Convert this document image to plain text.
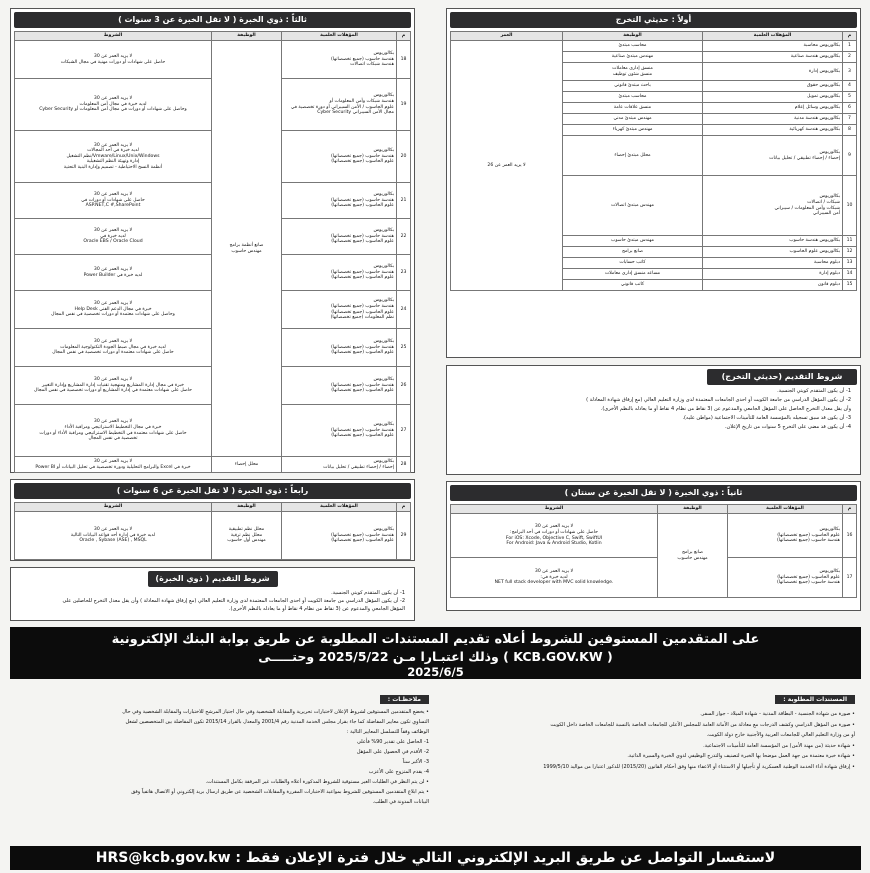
أولاً : حديثي التخرج
م	المؤهلات العلمية	الوظيفة	العمر
1	بكالوريوس محاسبة	محاسب مبتدئ	لا يزيد العمر عن 26
2	بكالوريوس هندسة صناعية	مهندس مبتدئ صناعية	
3	بكالوريوس إدارة	منسق إداري معاملات
منسق شئون توظيف	
4	بكالوريوس حقوق	باحث مبتدئ قانوني	
5	بكالوريوس تمويل	محاسب مبتدئ	
6	بكالوريوس وسائل إعلام	منسق علاقات عامة	
7	بكالوريوس هندسة مدنية	مهندس مبتدئ مدني	
8	بكالوريوس هندسة كهربائية	مهندس مبتدئ كهرباء	
9	بكالوريوس
إحصاء / إحصاء تطبيقي / تحليل بيانات	محلل مبتدئ إحصاء	
10	بكالوريوس
شبكات / اتصالات
شبكات وأمن المعلومات / سيبراني
أمن السيبراني	مهندس مبتدئ اتصالات	
11	بكالوريوس هندسة حاسوب	مهندس مبتدئ حاسوب	
12	بكالوريوس علوم الحاسوب	صانع برامج	
13	دبلوم محاسبة	كاتب حسابات	
14	دبلوم إدارة	مساعد منسق إداري معاملات	
15	دبلوم قانون	كاتب قانوني	
شروط التقديم (حديثي التخرج)
1- أن يكون المتقدم كويتي الجنسية.
2- أن يكون المؤهل الدراسي من جامعة الكويت أو احدى الجامعات المعتمدة لدى وزارة التعليم العالي (مع إرفاق شهادة المعادلة )
وأن يقل معدل التخرج الحاصل على المؤهل الجامعي والمدعوم عن (3 نقاط من نظام 4 نقاط أو ما يعادله بالنظم الأخرى).
3- أن يكون قد سبق تسجيله بالمؤسسة العامة للتأمينات الاجتماعية (مواطن عليه).
4- أن يكون قد مضى على التخرج 5 سنوات من تاريخ الإعلان.
ثانياً : ذوي الخبرة ( لا تقل الخبرة عن سنتان )
م	المؤهلات العلمية	الوظيفة	الشروط
16	بكالوريوس
علوم الحاسوب (جميع تخصصاتها)
هندسة حاسوب (جميع تخصصاتها)	صانع برامج
مهندس حاسوب	لا يزيد العمر عن 30
حاصل على شهادات أو دورات في أحد البرامج:
For iOS: Xcode, Objective C, Swift, SwiftUI
For Android: Java & Android Studio, Kotlin
17	بكالوريوس
علوم الحاسوب (جميع تخصصاتها)
هندسة حاسوب (جميع تخصصاتها)		لا يزيد العمر عن 30
لديه خبرة في:
.NET full stack developer with MVC solid knowledge
ثالثاً : ذوي الخبرة ( لا تقل الخبرة عن 3 سنوات )
م	المؤهلات العلمية	الوظيفة	الشروط
18	بكالوريوس
هندسة حاسوب (جميع تخصصاتها)
هندسة شبكات اتصالات	صانع أنظمة برامج
مهندس حاسوب	لا يزيد العمر عن 30
حاصل على شهادات أو دورات مهنية في مجال الشبكات
19	بكالوريوس
هندسة شبكات وأمن المعلومات أو
علوم الحاسوب / الأمن السيبراني أو دورة تخصصية في
مجال الأمن السيبراني Cyber Security		لا يزيد العمر عن 30
لديه خبرة في مجال أمن المعلومات
وحاصل على شهادات أو دورات في مجال أمن المعلومات أو Cyber Security
20	بكالوريوس
هندسة حاسوب (جميع تخصصاتها)
علوم الحاسوب (جميع تخصصاتها)		لا يزيد العمر عن 30
لديه خبرة في أحد المجالات
Vmware/Linux/Unix/Windows/نظم التشغيل
إدارة وتهيئة النظم التشغيلية
أنظمة النسخ الاحتياطية - تصميم وإدارة البنية التحتية
21	بكالوريوس
هندسة حاسوب (جميع تخصصاتها)
علوم الحاسوب (جميع تخصصاتها)		لا يزيد العمر عن 30
حاصل على شهادات أو دورات في
ASP.NET,C #,SharePoint
22	بكالوريوس
هندسة حاسوب (جميع تخصصاتها)
علوم الحاسوب (جميع تخصصاتها)		لا يزيد العمر عن 30
لديه خبرة في
Oracle EBS / Oracle Cloud
23	بكالوريوس
هندسة حاسوب (جميع تخصصاتها)
علوم الحاسوب (جميع تخصصاتها)		لا يزيد العمر عن 30
لديه خبرة في Power Builder
24	بكالوريوس
هندسة حاسوب (جميع تخصصاتها)
علوم الحاسوب (جميع تخصصاتها)
نظم المعلومات (جميع تخصصاتها)		لا يزيد العمر عن 30
خبرة في مجال الدعم الفني Help Desk
وحاصل على شهادات معتمدة أو دورات تخصصية في نفس المجال
25	بكالوريوس
هندسة حاسوب (جميع تخصصاتها)
علوم الحاسوب (جميع تخصصاتها)		لا يزيد العمر عن 30
لديه خبرة في مجال ضبط الجودة التكنولوجية المعلومات
حاصل على شهادات معتمدة أو دورات تخصصية في نفس المجال
26	بكالوريوس
هندسة حاسوب (جميع تخصصاتها)
علوم الحاسوب (جميع تخصصاتها)		لا يزيد العمر عن 30
خبرة في مجال إدارة المشاريع ومنهجية تقنيات إدارة المشاريع وإدارة التغيير
حاصل على شهادات معتمدة في إدارة المشاريع أو دورات تخصصية في نفس المجال
27	بكالوريوس
هندسة حاسوب (جميع تخصصاتها)
علوم الحاسوب (جميع تخصصاتها)		لا يزيد العمر عن 30
خبرة في مجال التخطيط الاستراتيجي ومراقبة الأداء
حاصل على شهادات معتمدة في التخطيط الاستراتيجي ومراقبة الأداء أو دورات
تخصصية في نفس المجال
28	بكالوريوس
إحصاء / إحصاء تطبيقي / تحليل بيانات	محلل إحصاء	لا يزيد العمر عن 30
خبرة في Excel والبرامج التحليلية ودورة تخصصية في تحليل البيانات أو Power BI
رابعاً : ذوي الخبرة ( لا تقل الخبرة عن 6 سنوات )
م	المؤهلات العلمية	الوظيفة	الشروط
29	بكالوريوس
هندسة حاسوب (جميع تخصصاتها)
علوم الحاسوب (جميع تخصصاتها)	محلل نظم تطبيقية
محلل نظم ترقية
مهندس أول حاسوب	لا يزيد العمر عن 30
لديه خبرة في إدارة أحد قواعد البيانات التالية
Oracle , Sybase (ASE) , MSQL
شروط التقديم ( ذوي الخبرة)
1- أن يكون المتقدم كويتي الجنسية.
2- أن يكون المؤهل الدراسي من جامعة الكويت أو احدى الجامعات المعتمدة لدى وزارة التعليم العالي (مع إرفاق شهادة المعادلة ) وأن يقل معدل التخرج للحاصلين على
المؤهل الجامعي والمدعوم عن (3 نقاط من نظام 4 نقاط أو ما يعادله بالنظم الأخرى).
على المتقدمين المستوفين للشروط أعلاه تقديم المستندات المطلوبة عن طريق بوابة البنك الإلكترونية
( KCB.GOV.KW ) وذلك اعتبـارا مـن 2025/5/22 وحتـــــى
2025/6/5
المستندات المطلوبة :
• صورة من شهادة الجنسية - البطاقة المدنية - شهادة الميلاد - جواز السفر.
• صورة من المؤهل الدراسي وكشف الدرجات مع معادلة من الأمانة العامة للمجلس الأعلى للجامعات الخاصة بالنسبة للجامعات الخاصة داخل الكويت
أو من وزارة التعليم العالي للجامعات العربية والأجنبية خارج دولة الكويت.
• شهادة حديثة (من مهنة الأمن) من المؤسسة العامة للتأمينات الاجتماعية.
• شهادة خبرة معتمدة من جهة العمل موضحا بها الخبرة لتصنيف والتدرج الوظيفي لذوي الخبرة والسيرة الذاتية.
• إرفاق شهادة أداء الخدمة الوطنية العسكرية أو تأجيلها أو الاستثناء أو الاعفاء منها وفق أحكام القانون (2015/20) للذكور اعتبارا من مواليد 1999/5/10
ملاحظـات :
• يخضع المتقدمين المستوفين لشروط الإعلان لاختبارات تحريرية والمقابلة الشخصية وفي حال اجتياز المرشح للاختبارات والمقابلة الشخصية وفي حال
التساوي تكون معايير المفاضلة كما جاء بقرار مجلس الخدمة المدنية رقم 2001/4 والمعدل بالقرار 2015/14 تكون المفاضلة بين المتخصصين لشغل
الوظائف وفقاً للتسلسل المعايير التالية :
1- الحاصل على تقدير 90% فأعلى
2- الأقدم في الحصول على المؤهل
3- الأكبر سناً
4- يقدم المتزوج على الأعزب
• لن يتم النظر في الطلبات الغير مستوفية للشروط المذكورة أعلاه والطلبات غير المرفقة بكامل المستندات.
• يتم ابلاغ المتقدمين المستوفين للشروط بمواعيد الاختبارات المقررة والمقابلات الشخصية عن طريق ارسال بريد إلكتروني أو الاتصال هاتفياً وفق
البيانات المدونة في الطلب.
لاستفسار التواصل عن طريق البريد الإلكتروني التالي خلال فترة الإعلان فقط : HRS@kcb.gov.kw
